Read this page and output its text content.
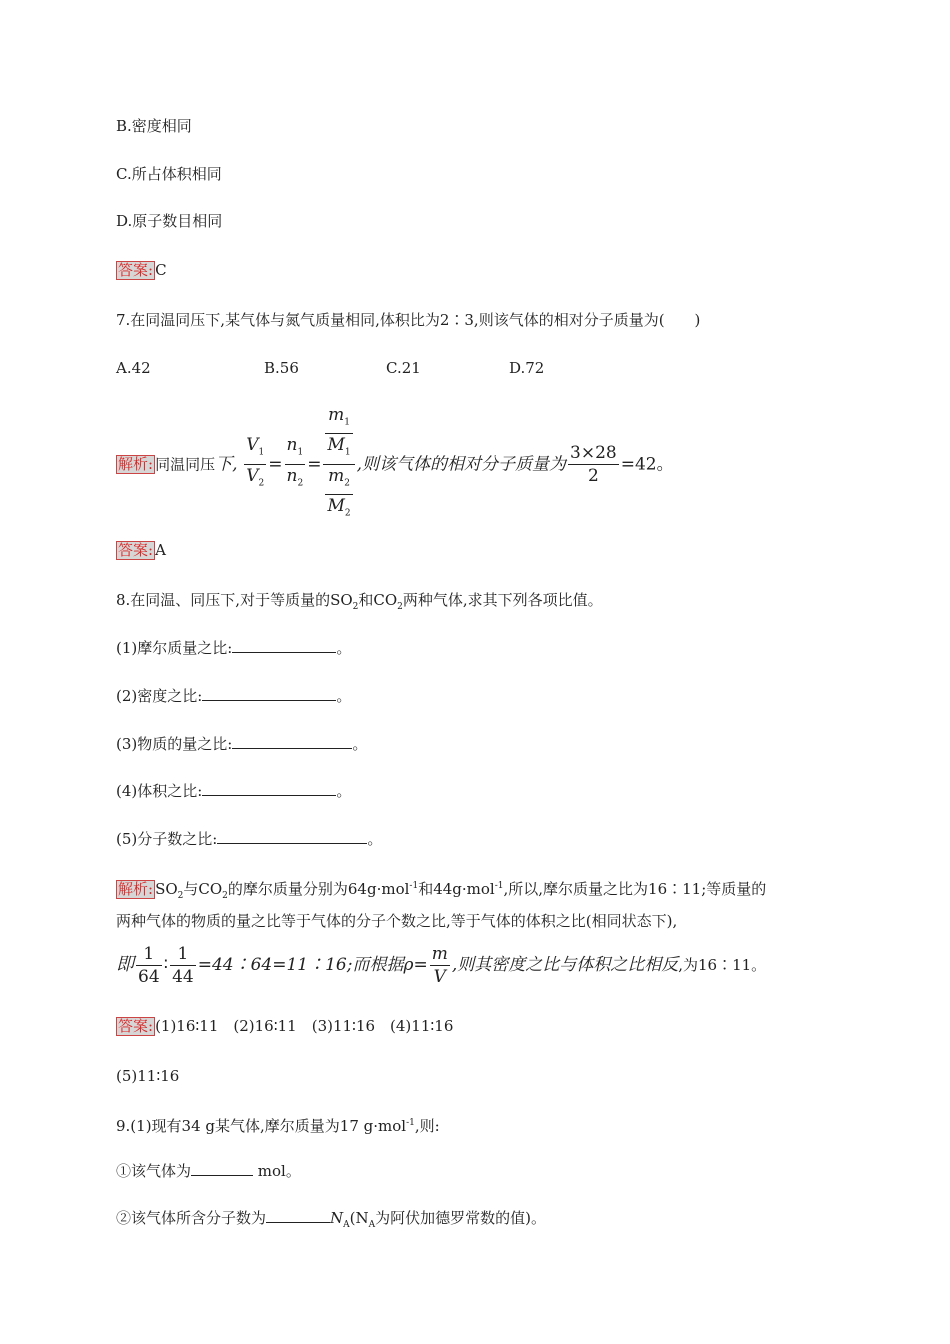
B.密度相同
C.所占体积相同
D.原子数目相同
答案: C
7.在同温同压下,某气体与氮气质量相同,体积比为2∶3,则该气体的相对分子质量为(　　)
A.42	B.56	C.21	D.72
解析: 同温同压下, $\frac{V_1}{V_2} = \frac{n_1}{n_2} = \frac{\frac{m_1}{M_1}}{\frac{m_2}{M_2}}$ ,则该气体的相对分子质量为 $\frac{3\times 28}{2} =42$。
答案: A
8.在同温、同压下,对于等质量的$SO_2$和$CO_2$两种气体,求其下列各项比值。
(1)摩尔质量之比:	。
(2)密度之比:	。
(3)物质的量之比:	。
(4)体积之比:	。
(5)分子数之比:	。
解析: $SO_2$与$CO_2$的摩尔质量分别为64g·mol$^{-1}$和44g·mol$^{-1}$,所以,摩尔质量之比为16∶11;等质量的
两种气体的物质的量之比等于气体的分子个数之比,等于气体的体积之比(相同状态下),
即 $\frac{1}{64}$ ∶ $\frac{1}{44}$ =44∶64=11∶16;而根据$\rho= \frac{m}{V}$ ,则其密度之比与体积之比相反,为16∶11。
答案: (1)16∶11　(2)16∶11　(3)11∶16　(4)11∶16
(5)11∶16
9.(1)现有34 g某气体,摩尔质量为17 g·mol$^{-1}$,则:
①该气体为	mol。
②该气体所含分子数为	$N_A(N_A$为阿伏加德罗常数的值)。
